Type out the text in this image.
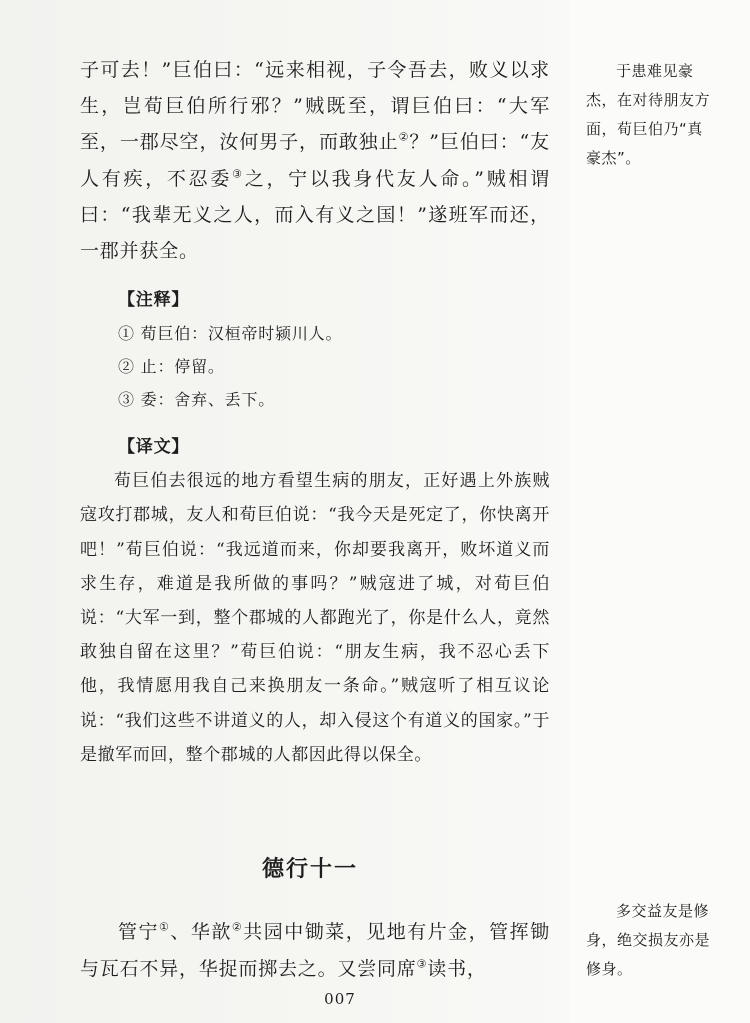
子可去！”巨伯曰：“远来相视，子令吾去，败义以求生，岂荀巨伯所行邪？”贼既至，谓巨伯曰：“大军至，一郡尽空，汝何男子，而敢独止②？”巨伯曰：“友人有疾，不忍委③之，宁以我身代友人命。”贼相谓曰：“我辈无义之人，而入有义之国！”遂班军而还，一郡并获全。

【注释】

① 荀巨伯：汉桓帝时颍川人。

② 止：停留。

③ 委：舍弃、丢下。

【译文】

荀巨伯去很远的地方看望生病的朋友，正好遇上外族贼寇攻打郡城，友人和荀巨伯说：“我今天是死定了，你快离开吧！”荀巨伯说：“我远道而来，你却要我离开，败坏道义而求生存，难道是我所做的事吗？”贼寇进了城，对荀巨伯说：“大军一到，整个郡城的人都跑光了，你是什么人，竟然敢独自留在这里？”荀巨伯说：“朋友生病，我不忍心丢下他，我情愿用我自己来换朋友一条命。”贼寇听了相互议论说：“我们这些不讲道义的人，却入侵这个有道义的国家。”于是撤军而回，整个郡城的人都因此得以保全。

德行十一

管宁①、华歆②共园中锄菜，见地有片金，管挥锄与瓦石不异，华捉而掷去之。又尝同席③读书，

于患难见豪杰，在对待朋友方面，荀巨伯乃“真豪杰”。

多交益友是修身，绝交损友亦是修身。

007
